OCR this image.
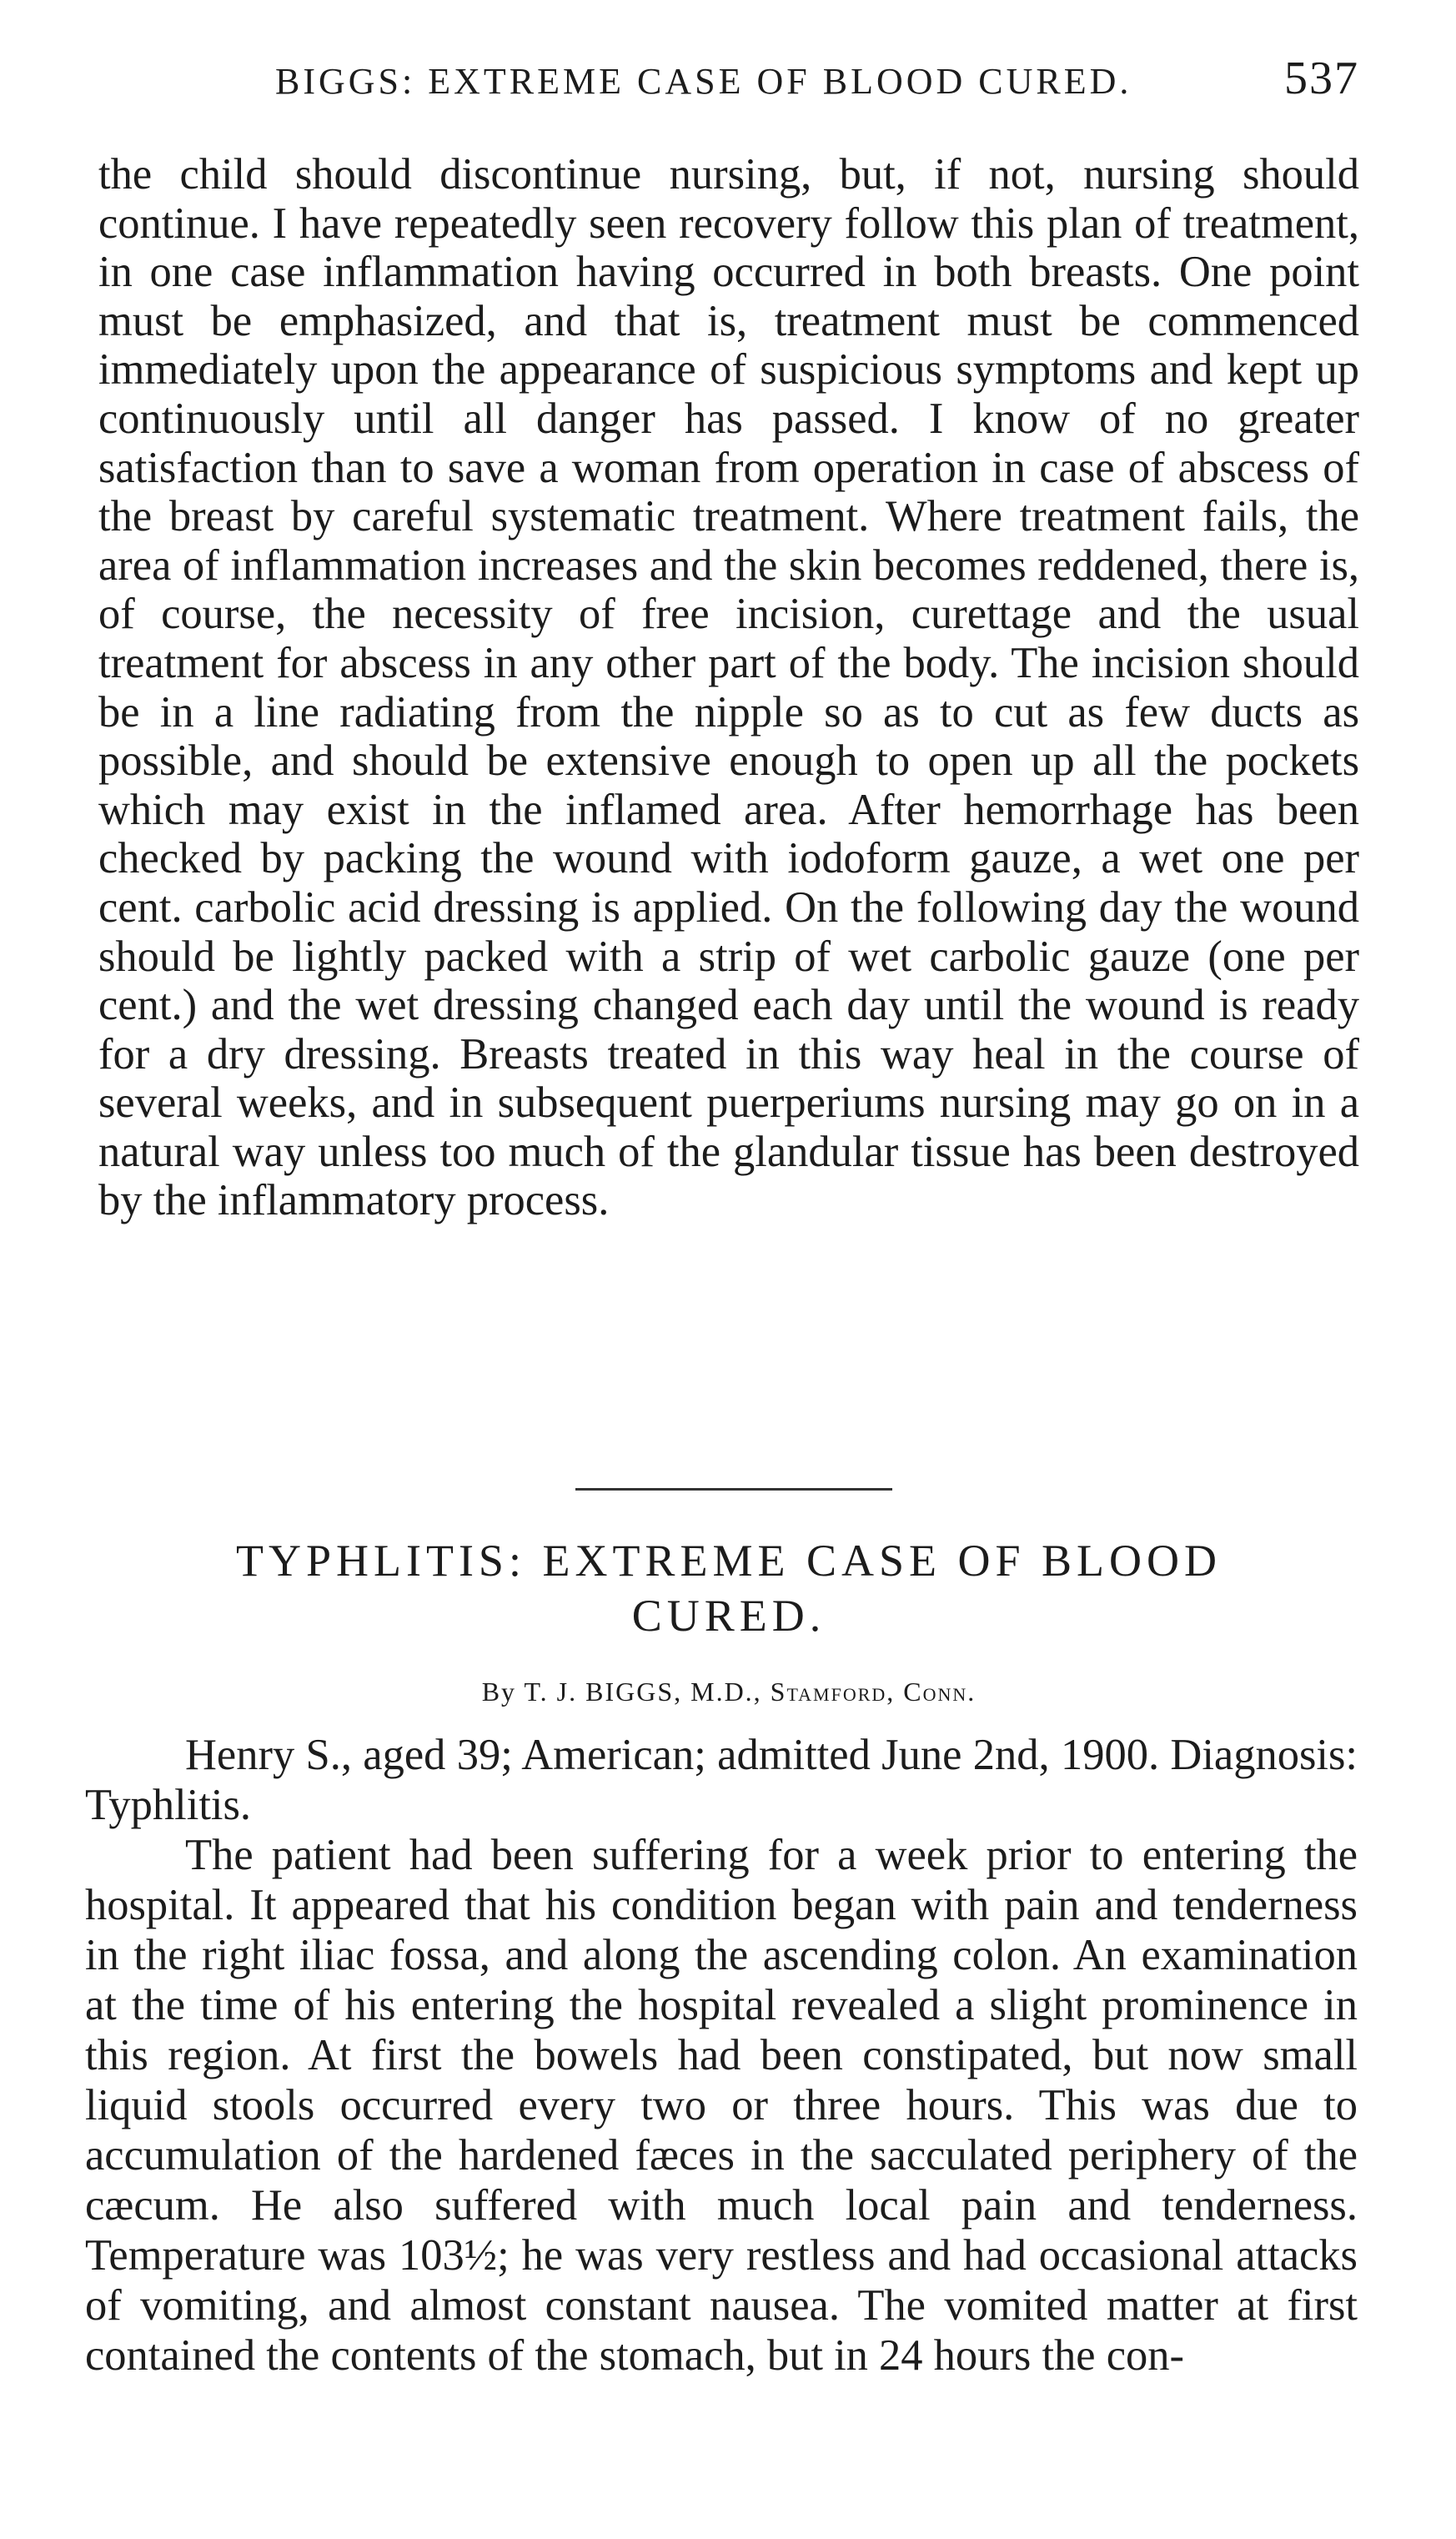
BIGGS: EXTREME CASE OF BLOOD CURED.	537

the child should discontinue nursing, but, if not, nursing should continue. I have repeatedly seen recovery follow this plan of treatment, in one case inflammation having occurred in both breasts. One point must be emphasized, and that is, treatment must be commenced immediately upon the appearance of suspicious symptoms and kept up continuously until all danger has passed. I know of no greater satisfaction than to save a woman from operation in case of abscess of the breast by careful systematic treatment. Where treatment fails, the area of inflammation increases and the skin becomes reddened, there is, of course, the necessity of free incision, curettage and the usual treatment for abscess in any other part of the body. The incision should be in a line radiating from the nipple so as to cut as few ducts as possible, and should be extensive enough to open up all the pockets which may exist in the inflamed area. After hemorrhage has been checked by packing the wound with iodoform gauze, a wet one per cent. carbolic acid dressing is applied. On the following day the wound should be lightly packed with a strip of wet carbolic gauze (one per cent.) and the wet dressing changed each day until the wound is ready for a dry dressing. Breasts treated in this way heal in the course of several weeks, and in subsequent puerperiums nursing may go on in a natural way unless too much of the glandular tissue has been destroyed by the inflammatory process.

TYPHLITIS: EXTREME CASE OF BLOOD
CURED.

By T. J. BIGGS, M.D., Stamford, Conn.

Henry S., aged 39; American; admitted June 2nd, 1900. Diagnosis: Typhlitis.

The patient had been suffering for a week prior to entering the hospital. It appeared that his condition began with pain and tenderness in the right iliac fossa, and along the ascending colon. An examination at the time of his entering the hospital revealed a slight prominence in this region. At first the bowels had been constipated, but now small liquid stools occurred every two or three hours. This was due to accumulation of the hardened fæces in the sacculated periphery of the cæcum. He also suffered with much local pain and tenderness. Temperature was 103½; he was very restless and had occasional attacks of vomiting, and almost constant nausea. The vomited matter at first contained the contents of the stomach, but in 24 hours the con-
